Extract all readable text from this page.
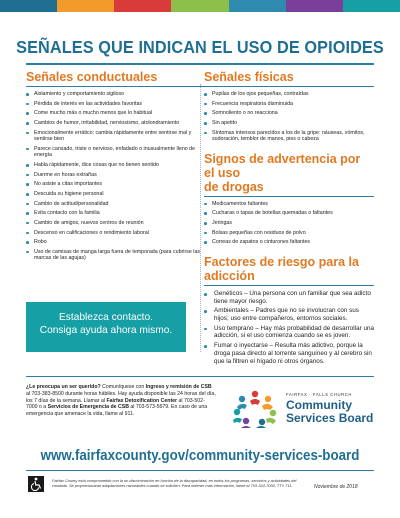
SEÑALES QUE INDICAN EL USO DE OPIOIDES
Señales conductuales
Aislamiento y comportamiento sigiloso
Pérdida de interés en las actividades favoritas
Come mucho más o mucho menos que lo habitual
Cambios de humor, irritabilidad, nerviosismo, atolondramiento
Emocionalmente errático; cambia rápidamente entre sentirse mal y sentirse bien
Parece cansado, triste o nervioso, enfadado o inusualmente lleno de energía
Habla rápidamente, dice cosas que no tienen sentido
Duerme en horas extrañas
No asiste a citas importantes
Descuida su higiene personal
Cambio de actitud/personalidad
Evita contacto con la familia
Cambio de amigos, nuevos centros de reunión
Descenso en calificaciones o rendimiento laboral
Robo
Uso de camisas de manga larga fuera de temporada (para cubrirse las marcas de las agujas)
Señales físicas
Pupilas de los ojos pequeñas, contraídas
Frecuencia respiratoria disminuida
Somnoliento o no reacciona
Sin apetito
Síntomas intensos parecidos a los de la gripe: náuseas, vómitos, sudoración, temblor de manos, pies o cabeza
Signos de advertencia por el uso
de drogas
Medicamentos faltantes
Cucharas o tapas de botellas quemadas o faltantes
Jeringas
Bolsas pequeñas con residuos de polvo
Correas de zapatos o cinturones faltantes
Factores de riesgo para la adicción
Genéticos – Una persona con un familiar que sea adicto tiene mayor riesgo.
Ambientales – Padres que no se involucran con sus hijos; uso entre compañeros, entornos sociales.
Uso temprano – Hay más probabilidad de desarrollar una adicción, si el uso comienza cuando se es joven.
Fumar o inyectarse – Resulta más adictivo, porque la droga pasa directo al torrente sanguíneo y al cerebro sin que la filtren el hígado ni otros órganos.
Establezca contacto.
Consiga ayuda ahora mismo.
¿Le preocupa un ser querido? Comuníquese con Ingreso y remisión de CSB al 703-383-8500 durante horas hábiles. Hay ayuda disponible las 24 horas del día, los 7 días de la semana. Llamar al Fairfax Detoxification Center al 703-502-7000 o a Servicios de Emergencia de CSB al 703-573-5679. En caso de una emergencia que amenace la vida, llame al 911.
FAIRFAX · FALLS CHURCH
Community
Services Board
www.fairfaxcounty.gov/community-services-board
Fairfax County está comprometido con la no discriminación en función de la discapacidad, en todos los programas, servicios y actividades del condado. Se proporcionarán adaptaciones razonables cuando se soliciten. Para obtener más información, llame al 703-324-7000, TTY 711.	Noviembre de 2018
